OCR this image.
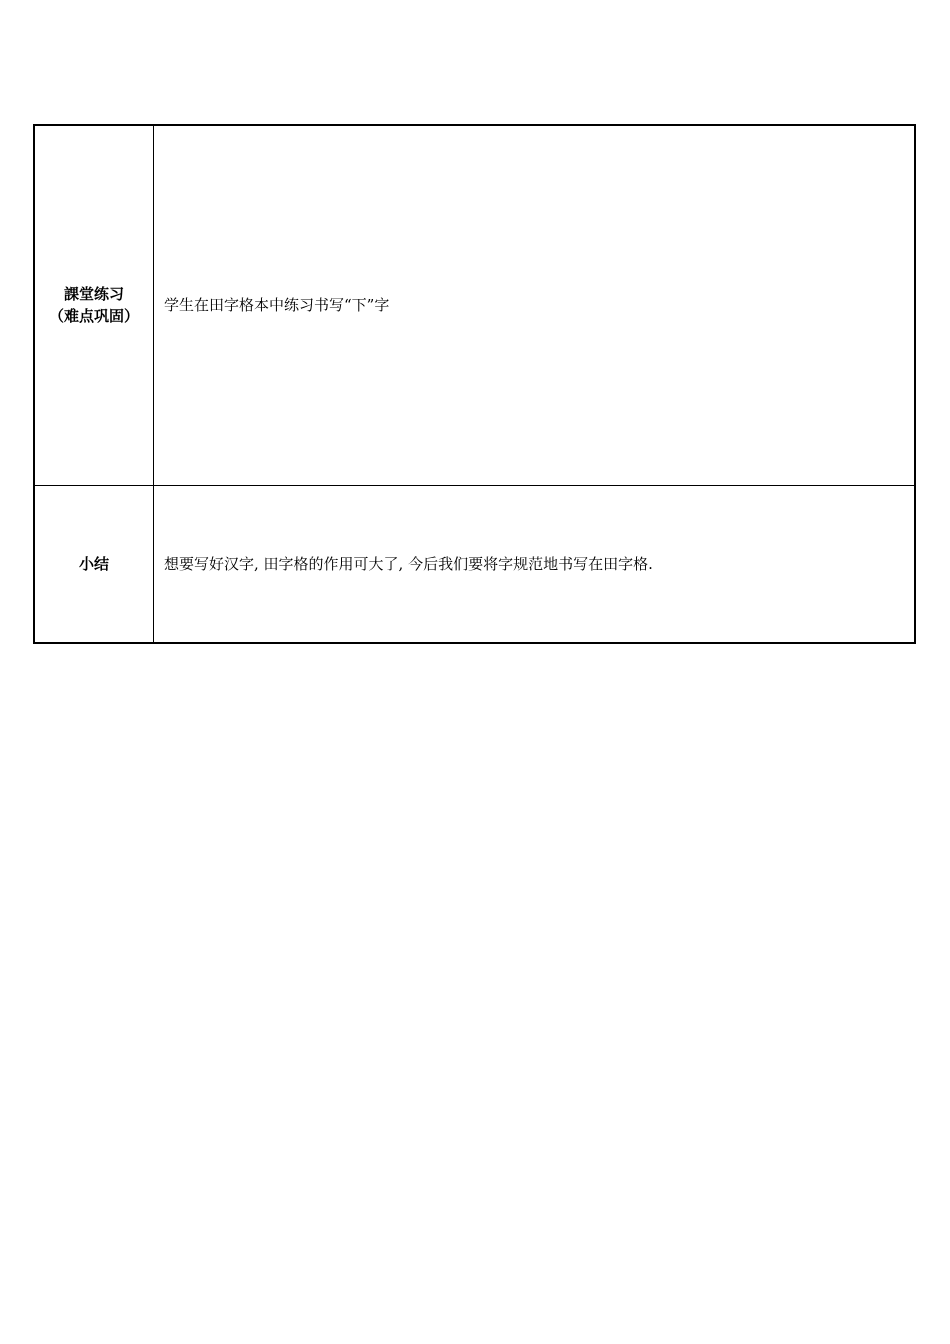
課堂练习
（难点巩固）	学生在田字格本中练习书写“下”字

小结	想要写好汉字, 田字格的作用可大了, 今后我们要将字规范地书写在田字格.
